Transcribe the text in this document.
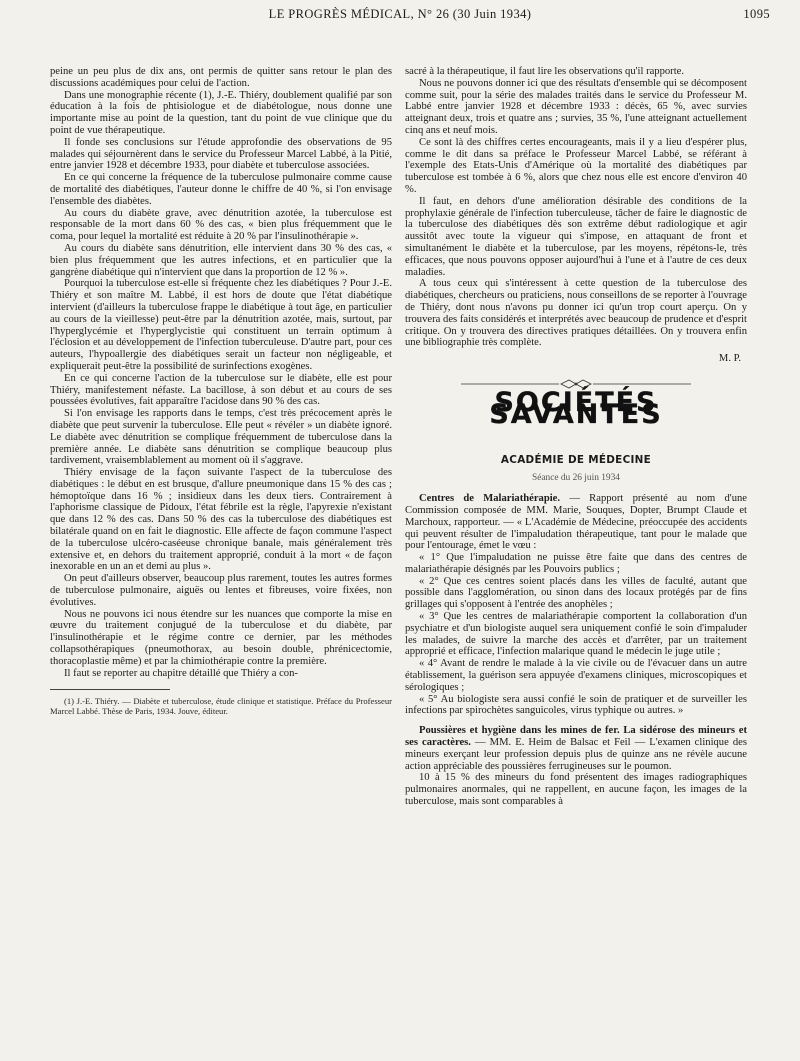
LE PROGRÈS MÉDICAL, N° 26 (30 Juin 1934)	1095

peine un peu plus de dix ans, ont permis de quitter sans retour le plan des discussions académiques pour celui de l'action.

Dans une monographie récente (1), J.-E. Thiéry, doublement qualifié par son éducation à la fois de phtisiologue et de diabétologue, nous donne une importante mise au point de la question, tant du point de vue clinique que du point de vue thérapeutique.

Il fonde ses conclusions sur l'étude approfondie des observations de 95 malades qui séjournèrent dans le service du Professeur Marcel Labbé, à la Pitié, entre janvier 1928 et décembre 1933, pour diabète et tuberculose associées.

En ce qui concerne la fréquence de la tuberculose pulmonaire comme cause de mortalité des diabétiques, l'auteur donne le chiffre de 40 %, si l'on envisage l'ensemble des diabètes.

Au cours du diabète grave, avec dénutrition azotée, la tuberculose est responsable de la mort dans 60 % des cas, « bien plus fréquemment que le coma, pour lequel la mortalité est réduite à 20 % par l'insulinothérapie ».

Au cours du diabète sans dénutrition, elle intervient dans 30 % des cas, « bien plus fréquemment que les autres infections, et en particulier que la gangrène diabétique qui n'intervient que dans la proportion de 12 % ».

Pourquoi la tuberculose est-elle si fréquente chez les diabétiques ? Pour J.-E. Thiéry et son maître M. Labbé, il est hors de doute que l'état diabétique intervient (d'ailleurs la tuberculose frappe le diabétique à tout âge, en particulier au cours de la vieillesse) peut-être par la dénutrition azotée, mais, surtout, par l'hyperglycémie et l'hyperglycistie qui constituent un terrain optimum à l'éclosion et au développement de l'infection tuberculeuse. D'autre part, pour ces auteurs, l'hypoallergie des diabétiques serait un facteur non négligeable, et expliquerait peut-être la possibilité de surinfections exogènes.

En ce qui concerne l'action de la tuberculose sur le diabète, elle est pour Thiéry, manifestement néfaste. La bacillose, à son début et au cours de ses poussées évolutives, fait apparaître l'acidose dans 90 % des cas.

Si l'on envisage les rapports dans le temps, c'est très précocement après le diabète que peut survenir la tuberculose. Elle peut « révéler » un diabète ignoré. Le diabète avec dénutrition se complique fréquemment de tuberculose dans la première année. Le diabète sans dénutrition se complique beaucoup plus tardivement, vraisemblablement au moment où il s'aggrave.

Thiéry envisage de la façon suivante l'aspect de la tuberculose des diabétiques : le début en est brusque, d'allure pneumonique dans 15 % des cas ; hémoptoïque dans 16 % ; insidieux dans les deux tiers. Contrairement à l'aphorisme classique de Pidoux, l'état fébrile est la règle, l'apyrexie n'existant que dans 12 % des cas. Dans 50 % des cas la tuberculose des diabétiques est bilatérale quand on en fait le diagnostic. Elle affecte de façon commune l'aspect de la tuberculose ulcéro-caséeuse chronique banale, mais généralement très extensive et, en dehors du traitement approprié, conduit à la mort « de façon inexorable en un an et demi au plus ».

On peut d'ailleurs observer, beaucoup plus rarement, toutes les autres formes de tuberculose pulmonaire, aiguës ou lentes et fibreuses, voire fixées, non évolutives.

Nous ne pouvons ici nous étendre sur les nuances que comporte la mise en œuvre du traitement conjugué de la tuberculose et du diabète, par l'insulinothérapie et le régime contre ce dernier, par les méthodes collapsothérapiques (pneumothorax, au besoin double, phrénicectomie, thoracoplastie même) et par la chimiothérapie contre la première.

Il faut se reporter au chapitre détaillé que Thiéry a con-

(1) J.-E. Thiéry. — Diabète et tuberculose, étude clinique et statistique. Préface du Professeur Marcel Labbé. Thèse de Paris, 1934. Jouve, éditeur.

sacré à la thérapeutique, il faut lire les observations qu'il rapporte.

Nous ne pouvons donner ici que des résultats d'ensemble qui se décomposent comme suit, pour la série des malades traités dans le service du Professeur M. Labbé entre janvier 1928 et décembre 1933 : décès, 65 %, avec survies atteignant deux, trois et quatre ans ; survies, 35 %, l'une atteignant actuellement cinq ans et neuf mois.

Ce sont là des chiffres certes encourageants, mais il y a lieu d'espérer plus, comme le dit dans sa préface le Professeur Marcel Labbé, se référant à l'exemple des Etats-Unis d'Amérique où la mortalité des diabétiques par tuberculose est tombée à 6 %, alors que chez nous elle est encore d'environ 40 %.

Il faut, en dehors d'une amélioration désirable des conditions de la prophylaxie générale de l'infection tuberculeuse, tâcher de faire le diagnostic de la tuberculose des diabétiques dès son extrême début radiologique et agir aussitôt avec toute la vigueur qui s'impose, en attaquant de front et simultanément le diabète et la tuberculose, par les moyens, répétons-le, très efficaces, que nous pouvons opposer aujourd'hui à l'une et à l'autre de ces deux maladies.

A tous ceux qui s'intéressent à cette question de la tuberculose des diabétiques, chercheurs ou praticiens, nous conseillons de se reporter à l'ouvrage de Thiéry, dont nous n'avons pu donner ici qu'un trop court aperçu. On y trouvera des faits considérés et interprétés avec beaucoup de prudence et d'esprit critique. On y trouvera des directives pratiques détaillées. On y trouvera enfin une bibliographie très complète.

M. P.
SOCIÉTÉS SAVANTES
ACADÉMIE DE MÉDECINE
Séance du 26 juin 1934

Centres de Malariathérapie. — Rapport présenté au nom d'une Commission composée de MM. Marie, Souques, Dopter, Brumpt Claude et Marchoux, rapporteur. — « L'Académie de Médecine, préoccupée des accidents qui peuvent résulter de l'impaludation thérapeutique, tant pour le malade que pour l'entourage, émet le vœu :

« 1° Que l'impaludation ne puisse être faite que dans des centres de malariathérapie désignés par les Pouvoirs publics ;

« 2° Que ces centres soient placés dans les villes de faculté, autant que possible dans l'agglomération, ou sinon dans des locaux protégés par de fins grillages qui s'opposent à l'entrée des anophèles ;

« 3° Que les centres de malariathérapie comportent la collaboration d'un psychiatre et d'un biologiste auquel sera uniquement confié le soin d'impaluder les malades, de suivre la marche des accès et d'arrêter, par un traitement approprié et efficace, l'infection malarique quand le médecin le juge utile ;

« 4° Avant de rendre le malade à la vie civile ou de l'évacuer dans un autre établissement, la guérison sera appuyée d'examens cliniques, microscopiques et sérologiques ;

« 5° Au biologiste sera aussi confié le soin de pratiquer et de surveiller les infections par spirochètes sanguicoles, virus typhique ou autres. »

Poussières et hygiène dans les mines de fer. La sidérose des mineurs et ses caractères. — MM. E. Heim de Balsac et Feil — L'examen clinique des mineurs exerçant leur profession depuis plus de quinze ans ne révèle aucune action appréciable des poussières ferrugineuses sur le poumon.

10 à 15 % des mineurs du fond présentent des images radiographiques pulmonaires anormales, qui ne rappellent, en aucune façon, les images de la tuberculose, mais sont comparables à
